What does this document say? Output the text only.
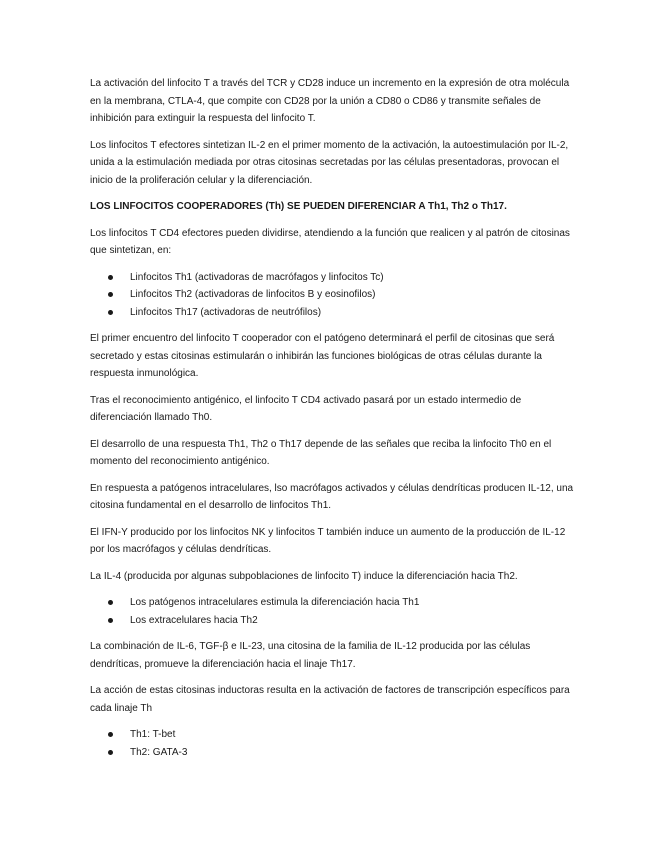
La activación del linfocito T a través del TCR y CD28 induce un incremento en la expresión de otra molécula en la membrana, CTLA-4, que compite con CD28 por la unión a CD80 o CD86 y transmite señales de inhibición para extinguir la respuesta del linfocito T.

Los linfocitos T efectores sintetizan IL-2 en el primer momento de la activación, la autoestimulación por IL-2, unida a la estimulación mediada por otras citosinas secretadas por las células presentadoras, provocan el inicio de la proliferación celular y la diferenciación.

LOS LINFOCITOS COOPERADORES (Th) SE PUEDEN DIFERENCIAR A Th1, Th2 o Th17.

Los linfocitos T CD4 efectores pueden dividirse, atendiendo a la función que realicen y al patrón de citosinas que sintetizan, en:

Linfocitos Th1 (activadoras de macrófagos y linfocitos Tc)
Linfocitos Th2 (activadoras de linfocitos B y eosinofilos)
Linfocitos Th17 (activadoras de neutrófilos)

El primer encuentro del linfocito T cooperador con el patógeno determinará el perfil de citosinas que será secretado y estas citosinas estimularán o inhibirán las funciones biológicas de otras células durante la respuesta inmunológica.

Tras el reconocimiento antigénico, el linfocito T CD4 activado pasará por un estado intermedio de diferenciación llamado Th0.

El desarrollo de una respuesta Th1, Th2 o Th17 depende de las señales que reciba la linfocito Th0 en el momento del reconocimiento antigénico.

En respuesta a patógenos intracelulares, lso macrófagos activados y células dendríticas producen IL-12, una citosina fundamental en el desarrollo de linfocitos Th1.

El IFN-Y producido por los linfocitos NK y linfocitos T también induce un aumento de la producción de IL-12 por los macrófagos y células dendríticas.

La IL-4 (producida por algunas subpoblaciones de linfocito T) induce la diferenciación hacia Th2.

Los patógenos intracelulares estimula la diferenciación hacia Th1
Los extracelulares hacia Th2

La combinación de IL-6, TGF-β e IL-23, una citosina de la familia de IL-12 producida por las células dendríticas, promueve la diferenciación hacia el linaje Th17.

La acción de estas citosinas inductoras resulta en la activación de factores de transcripción específicos para cada linaje Th

Th1: T-bet
Th2: GATA-3
